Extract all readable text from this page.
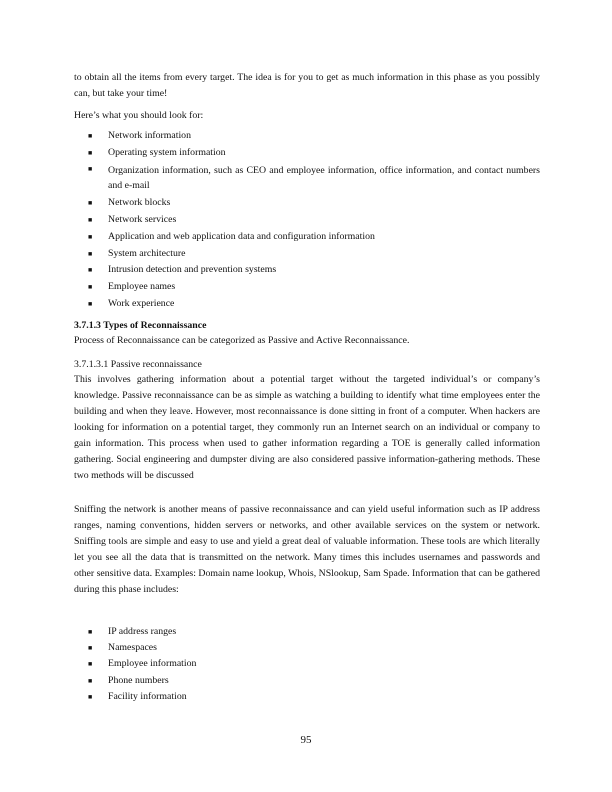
to obtain all the items from every target. The idea is for you to get as much information in this phase as you possibly can, but take your time!

Here’s what you should look for:

■ Network information
■ Operating system information
■ Organization information, such as CEO and employee information, office information, and contact numbers and e-mail
■ Network blocks
■ Network services
■ Application and web application data and configuration information
■ System architecture
■ Intrusion detection and prevention systems
■ Employee names
■ Work experience

3.7.1.3 Types of Reconnaissance

Process of Reconnaissance can be categorized as Passive and Active Reconnaissance.

3.7.1.3.1 Passive reconnaissance

This involves gathering information about a potential target without the targeted individual’s or company’s knowledge. Passive reconnaissance can be as simple as watching a building to identify what time employees enter the building and when they leave. However, most reconnaissance is done sitting in front of a computer. When hackers are looking for information on a potential target, they commonly run an Internet search on an individual or company to gain information. This process when used to gather information regarding a TOE is generally called information gathering. Social engineering and dumpster diving are also considered passive information-gathering methods. These two methods will be discussed

Sniffing the network is another means of passive reconnaissance and can yield useful information such as IP address ranges, naming conventions, hidden servers or networks, and other available services on the system or network. Sniffing tools are simple and easy to use and yield a great deal of valuable information. These tools are which literally let you see all the data that is transmitted on the network. Many times this includes usernames and passwords and other sensitive data. Examples: Domain name lookup, Whois, NSlookup, Sam Spade. Information that can be gathered during this phase includes:

■ IP address ranges
■ Namespaces
■ Employee information
■ Phone numbers
■ Facility information
95
